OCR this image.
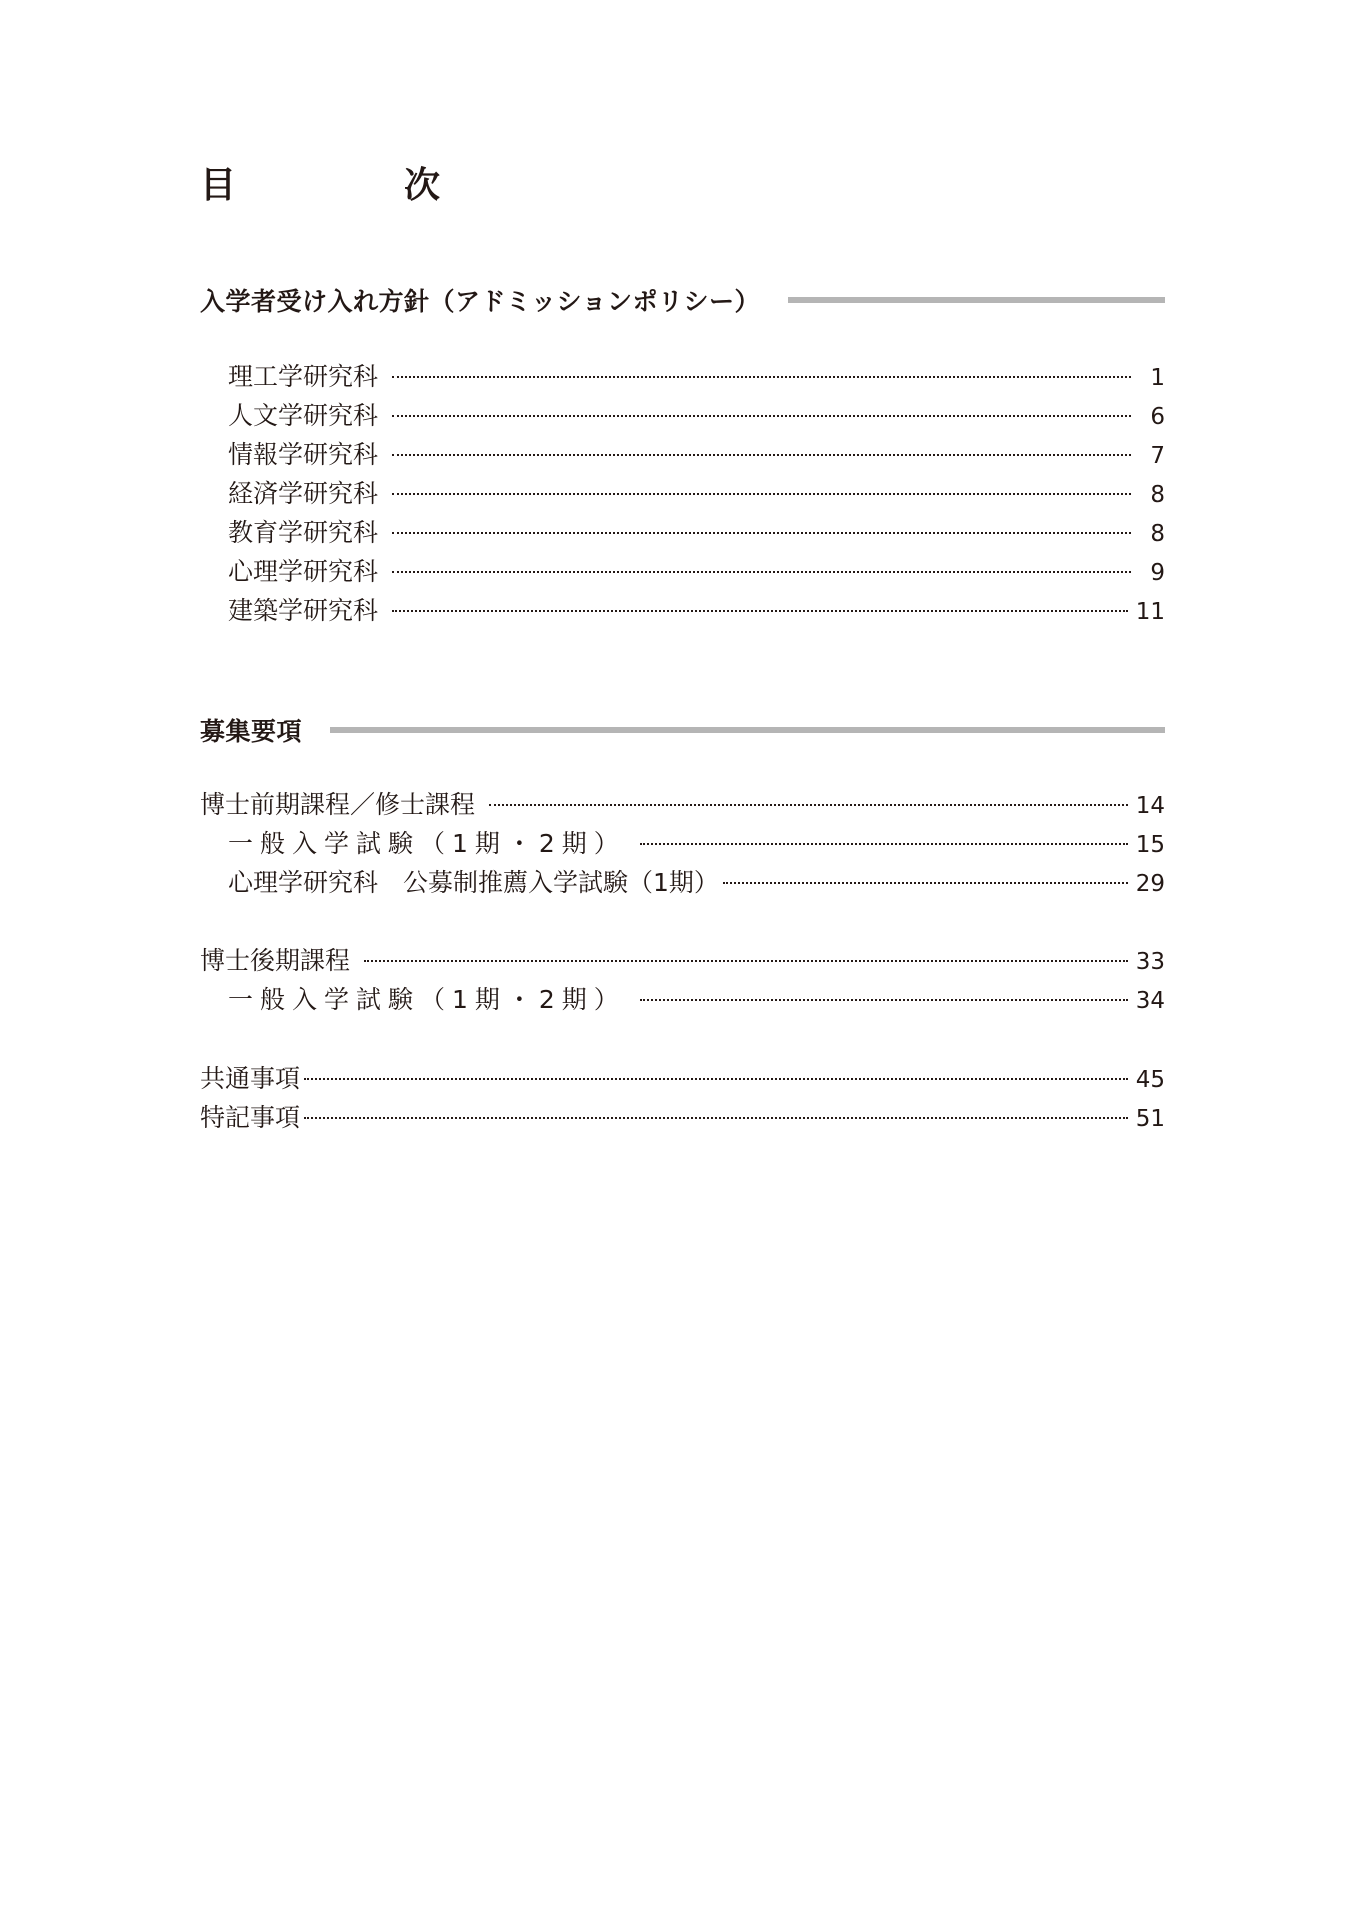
目　次
入学者受け入れ方針（アドミッションポリシー）
理工学研究科	1
人文学研究科	6
情報学研究科	7
経済学研究科	8
教育学研究科	8
心理学研究科	9
建築学研究科	11
募集要項
博士前期課程／修士課程	14
一般入学試験（1期・2期）	15
心理学研究科　公募制推薦入学試験（1期）	29
博士後期課程	33
一般入学試験（1期・2期）	34
共通事項	45
特記事項	51
